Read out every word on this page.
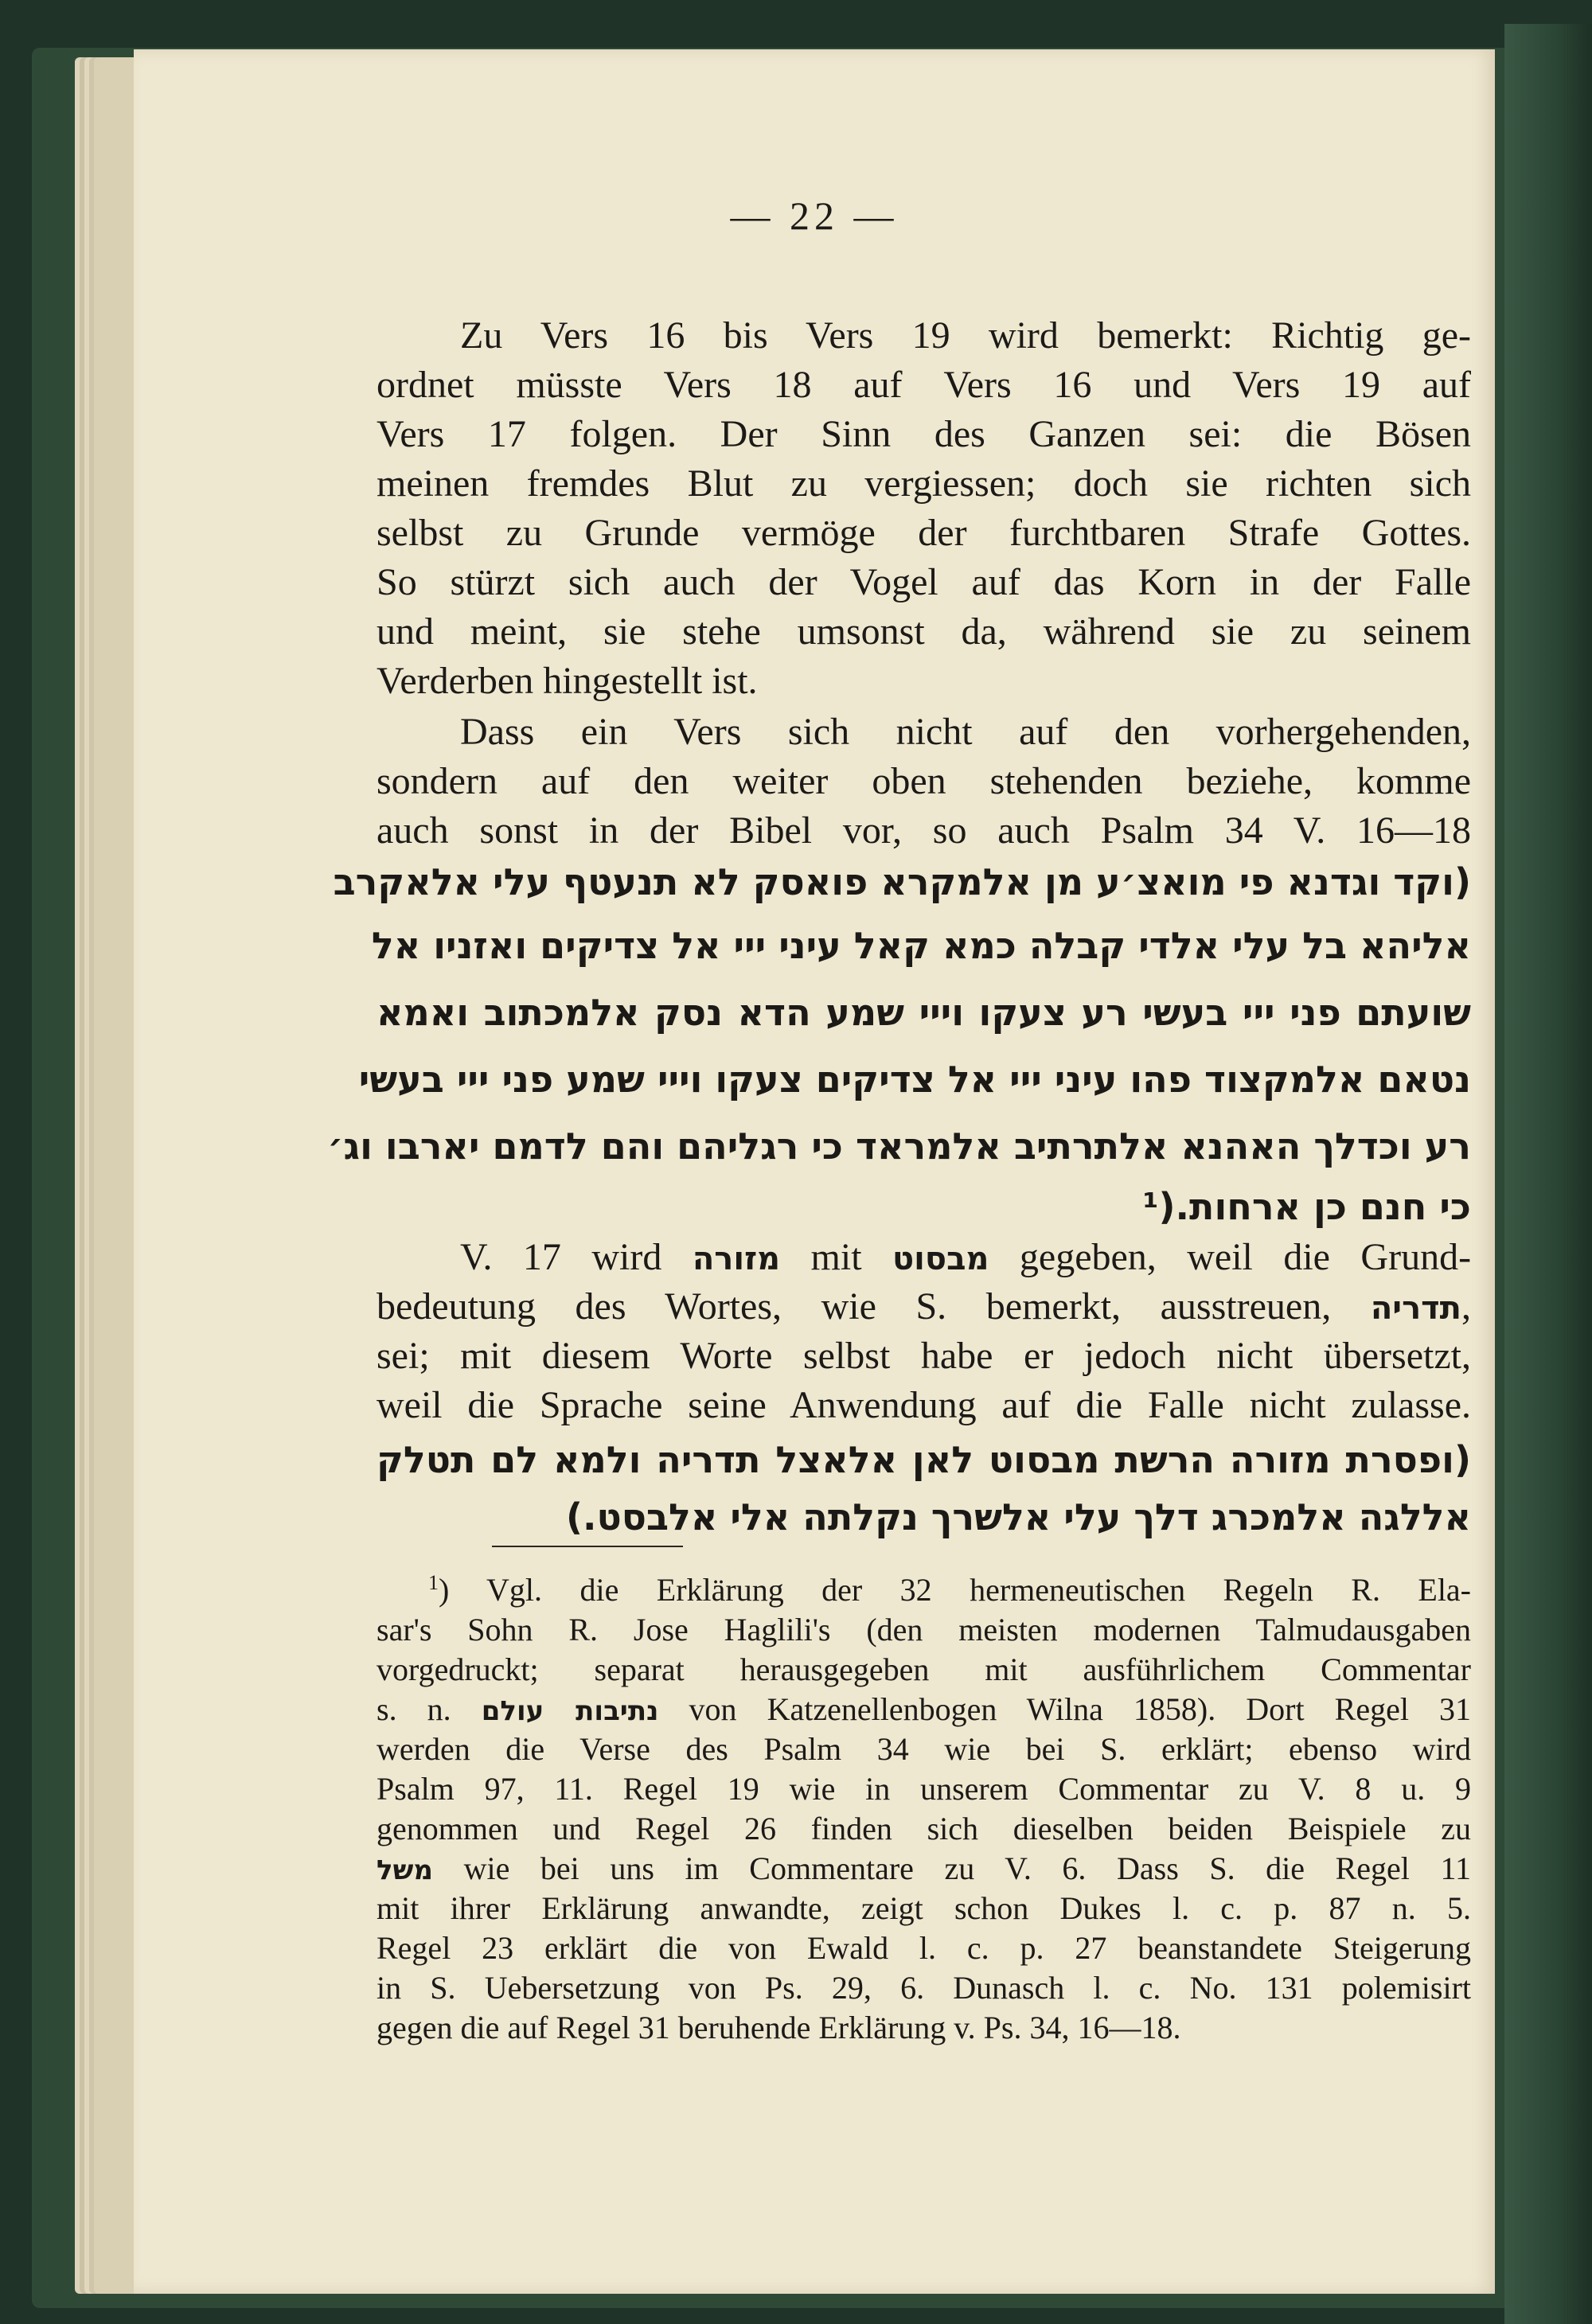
— 22 —
Zu Vers 16 bis Vers 19 wird bemerkt: Richtig ge-
ordnet müsste Vers 18 auf Vers 16 und Vers 19 auf
Vers 17 folgen. Der Sinn des Ganzen sei: die Bösen
meinen fremdes Blut zu vergiessen; doch sie richten sich
selbst zu Grunde vermöge der furchtbaren Strafe Gottes.
So stürzt sich auch der Vogel auf das Korn in der Falle
und meint, sie stehe umsonst da, während sie zu seinem
Verderben hingestellt ist.
Dass ein Vers sich nicht auf den vorhergehenden,
sondern auf den weiter oben stehenden beziehe, komme
auch sonst in der Bibel vor, so auch Psalm 34 V. 16—18
(וקד וגדנא פי מואצ׳ע מן אלמקרא פואסק לא תנעטף עלי אלאקרב
אליהא בל עלי אלדי קבלה כמא קאל עיני ייי אל צדיקים ואזניו אל
שועתם פני ייי בעשי רע צעקו וייי שמע הדא נסק אלמכתוב ואמא
נטאם אלמקצוד פהו עיני ייי אל צדיקים צעקו וייי שמע פני ייי בעשי
רע וכדלך האהנא אלתרתיב אלמראד כי רגליהם והם לדמם יארבו וג׳
כי חנם כן ארחות.(¹
V. 17 wird מזורה mit מבסוט gegeben, weil die Grund-
bedeutung des Wortes, wie S. bemerkt, ausstreuen, תדריה,
sei; mit diesem Worte selbst habe er jedoch nicht übersetzt,
weil die Sprache seine Anwendung auf die Falle nicht zulasse.
(ופסרת מזורה הרשת מבסוט לאן אלאצל תדריה ולמא לם תטלק
אללגה אלמכרג דלך עלי אלשרך נקלתה אלי אלבסט.)
$^1$) Vgl. die Erklärung der 32 hermeneutischen Regeln R. Ela-
sar's Sohn R. Jose Haglili's (den meisten modernen Talmudausgaben
vorgedruckt; separat herausgegeben mit ausführlichem Commentar
s. n. נתיבות עולם von Katzenellenbogen Wilna 1858). Dort Regel 31
werden die Verse des Psalm 34 wie bei S. erklärt; ebenso wird
Psalm 97, 11. Regel 19 wie in unserem Commentar zu V. 8 u. 9
genommen und Regel 26 finden sich dieselben beiden Beispiele zu
משל wie bei uns im Commentare zu V. 6. Dass S. die Regel 11
mit ihrer Erklärung anwandte, zeigt schon Dukes l. c. p. 87 n. 5.
Regel 23 erklärt die von Ewald l. c. p. 27 beanstandete Steigerung
in S. Uebersetzung von Ps. 29, 6. Dunasch l. c. No. 131 polemisirt
gegen die auf Regel 31 beruhende Erklärung v. Ps. 34, 16—18.
